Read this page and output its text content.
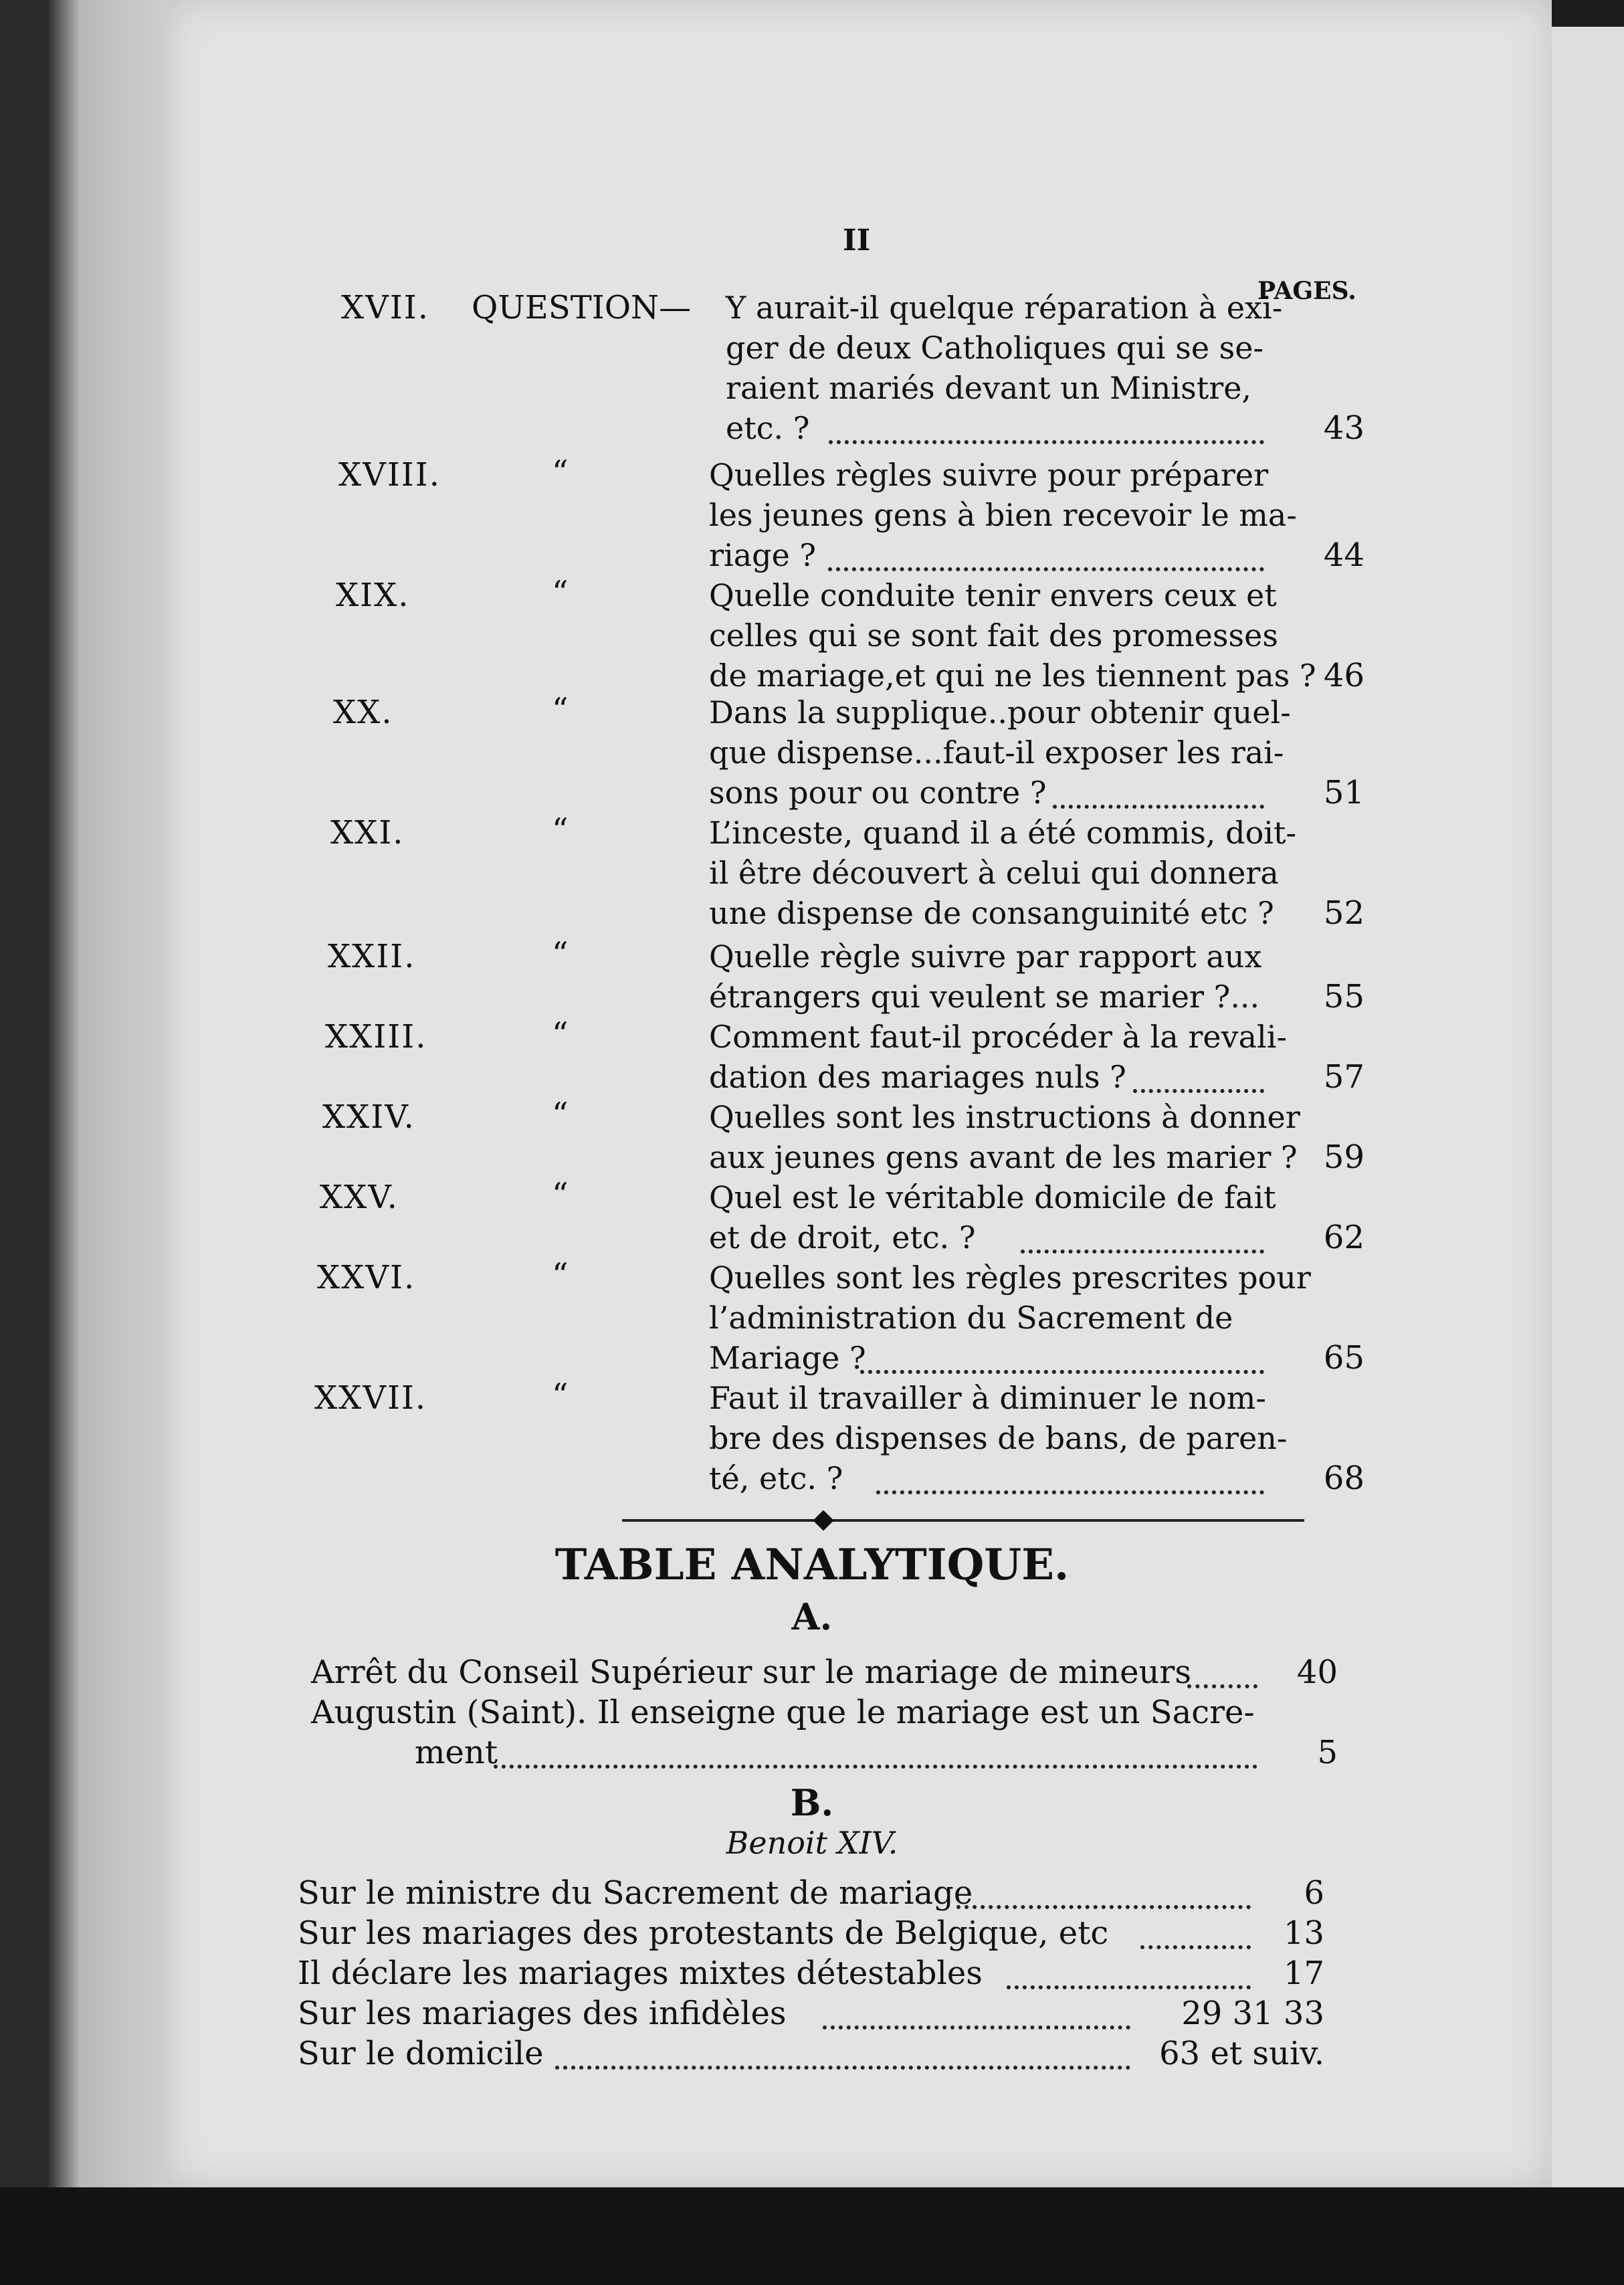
II
PAGES.
XVII. QUESTION— Y aurait-il quelque réparation à exi-
ger de deux Catholiques qui se se-
raient mariés devant un Ministre,
etc. ?	43
XVIII.	“	Quelles règles suivre pour préparer
les jeunes gens à bien recevoir le ma-
riage ?	44
XIX.	“	Quelle conduite tenir envers ceux et
celles qui se sont fait des promesses
de mariage,et qui ne les tiennent pas ? 46
XX.	“	Dans la supplique..pour obtenir quel-
que dispense...faut-il exposer les rai-
sons pour ou contre ?	51
XXI.	“	L’inceste, quand il a été commis, doit-
il être découvert à celui qui donnera
une dispense de consanguinité etc ?	52
XXII.	“	Quelle règle suivre par rapport aux
étrangers qui veulent se marier ?...	55
XXIII.	“	Comment faut-il procéder à la revali-
dation des mariages nuls ?	57
XXIV.	“	Quelles sont les instructions à donner
aux jeunes gens avant de les marier ? 59
XXV.	“	Quel est le véritable domicile de fait
et de droit, etc. ?	62
XXVI.	“	Quelles sont les règles prescrites pour
l’administration du Sacrement de
Mariage ?	65
XXVII.	“	Faut il travailler à diminuer le nom-
bre des dispenses de bans, de paren-
té, etc. ?	68
TABLE ANALYTIQUE.
A.
Arrêt du Conseil Supérieur sur le mariage de mineurs	40
Augustin (Saint). Il enseigne que le mariage est un Sacre-
ment	5
B.
Benoit XIV.
Sur le ministre du Sacrement de mariage	6
Sur les mariages des protestants de Belgique, etc	13
Il déclare les mariages mixtes détestables	17
Sur les mariages des infidèles	29 31 33
Sur le domicile	63 et suiv.
